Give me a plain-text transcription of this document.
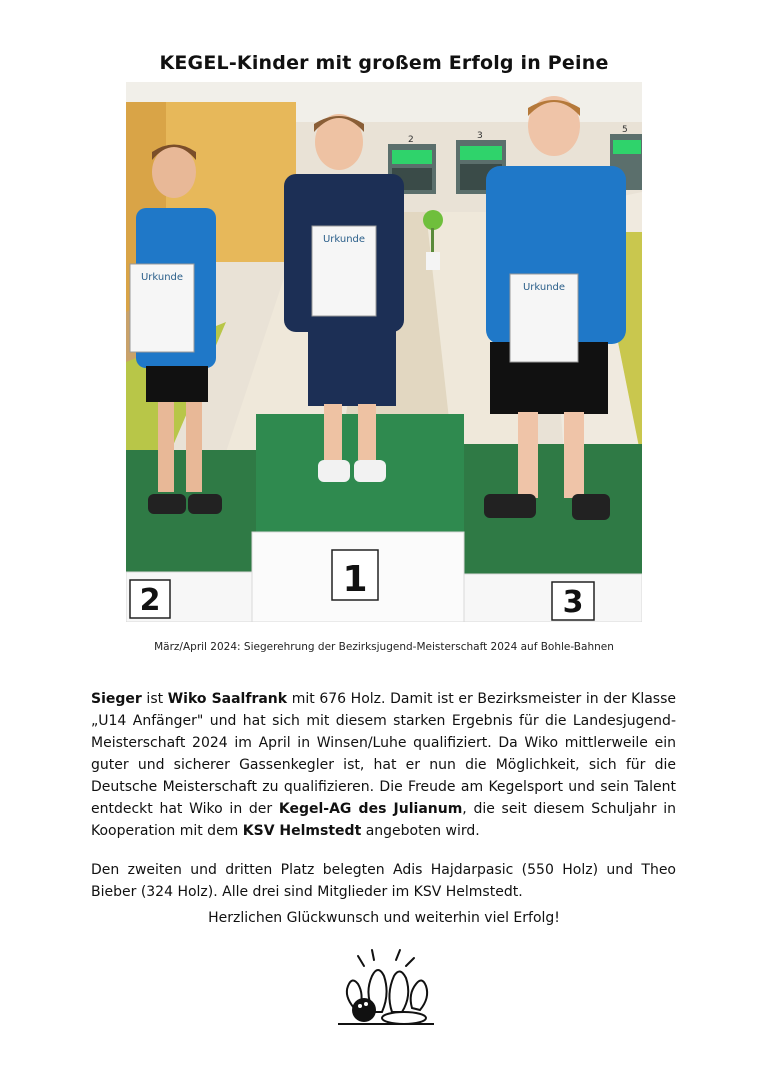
KEGEL-Kinder mit großem Erfolg in Peine
2	3
5
2
1
3
Urkunde
Urkunde
Urkunde
März/April 2024: Siegerehrung der Bezirksjugend-Meisterschaft 2024 auf Bohle-Bahnen

Sieger ist Wiko Saalfrank mit 676 Holz. Damit ist er Bezirksmeister in der Klasse „U14 Anfänger" und hat sich mit diesem starken Ergebnis für die Landesjugend-Meisterschaft 2024 im April in Winsen/Luhe qualifiziert. Da Wiko mittlerweile ein guter und sicherer Gassenkegler ist, hat er nun die Möglichkeit, sich für die Deutsche Meisterschaft zu qualifizieren. Die Freude am Kegelsport und sein Talent entdeckt hat Wiko in der Kegel-AG des Julianum, die seit diesem Schuljahr in Kooperation mit dem KSV Helmstedt angeboten wird.

Den zweiten und dritten Platz belegten Adis Hajdarpasic (550 Holz) und Theo Bieber (324 Holz). Alle drei sind Mitglieder im KSV Helmstedt.

Herzlichen Glückwunsch und weiterhin viel Erfolg!
